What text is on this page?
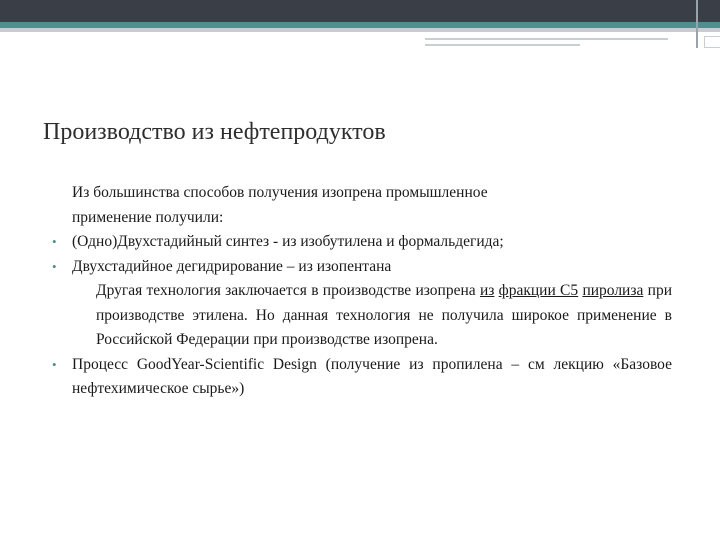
Производство из нефтепродуктов

Из большинства способов получения изопрена промышленное

применение получили:

• (Одно)Двухстадийный синтез - из изобутилена и формальдегида;
• Двухстадийное дегидрирование – из изопентана

Другая технология заключается в производстве изопрена из фракции С5 пиролиза при производстве этилена. Но данная технология не получила широкое применение в Российской Федерации при производстве изопрена.

• Процесс GoodYear-Scientific Design (получение из пропилена – см лекцию «Базовое нефтехимическое сырье»)
